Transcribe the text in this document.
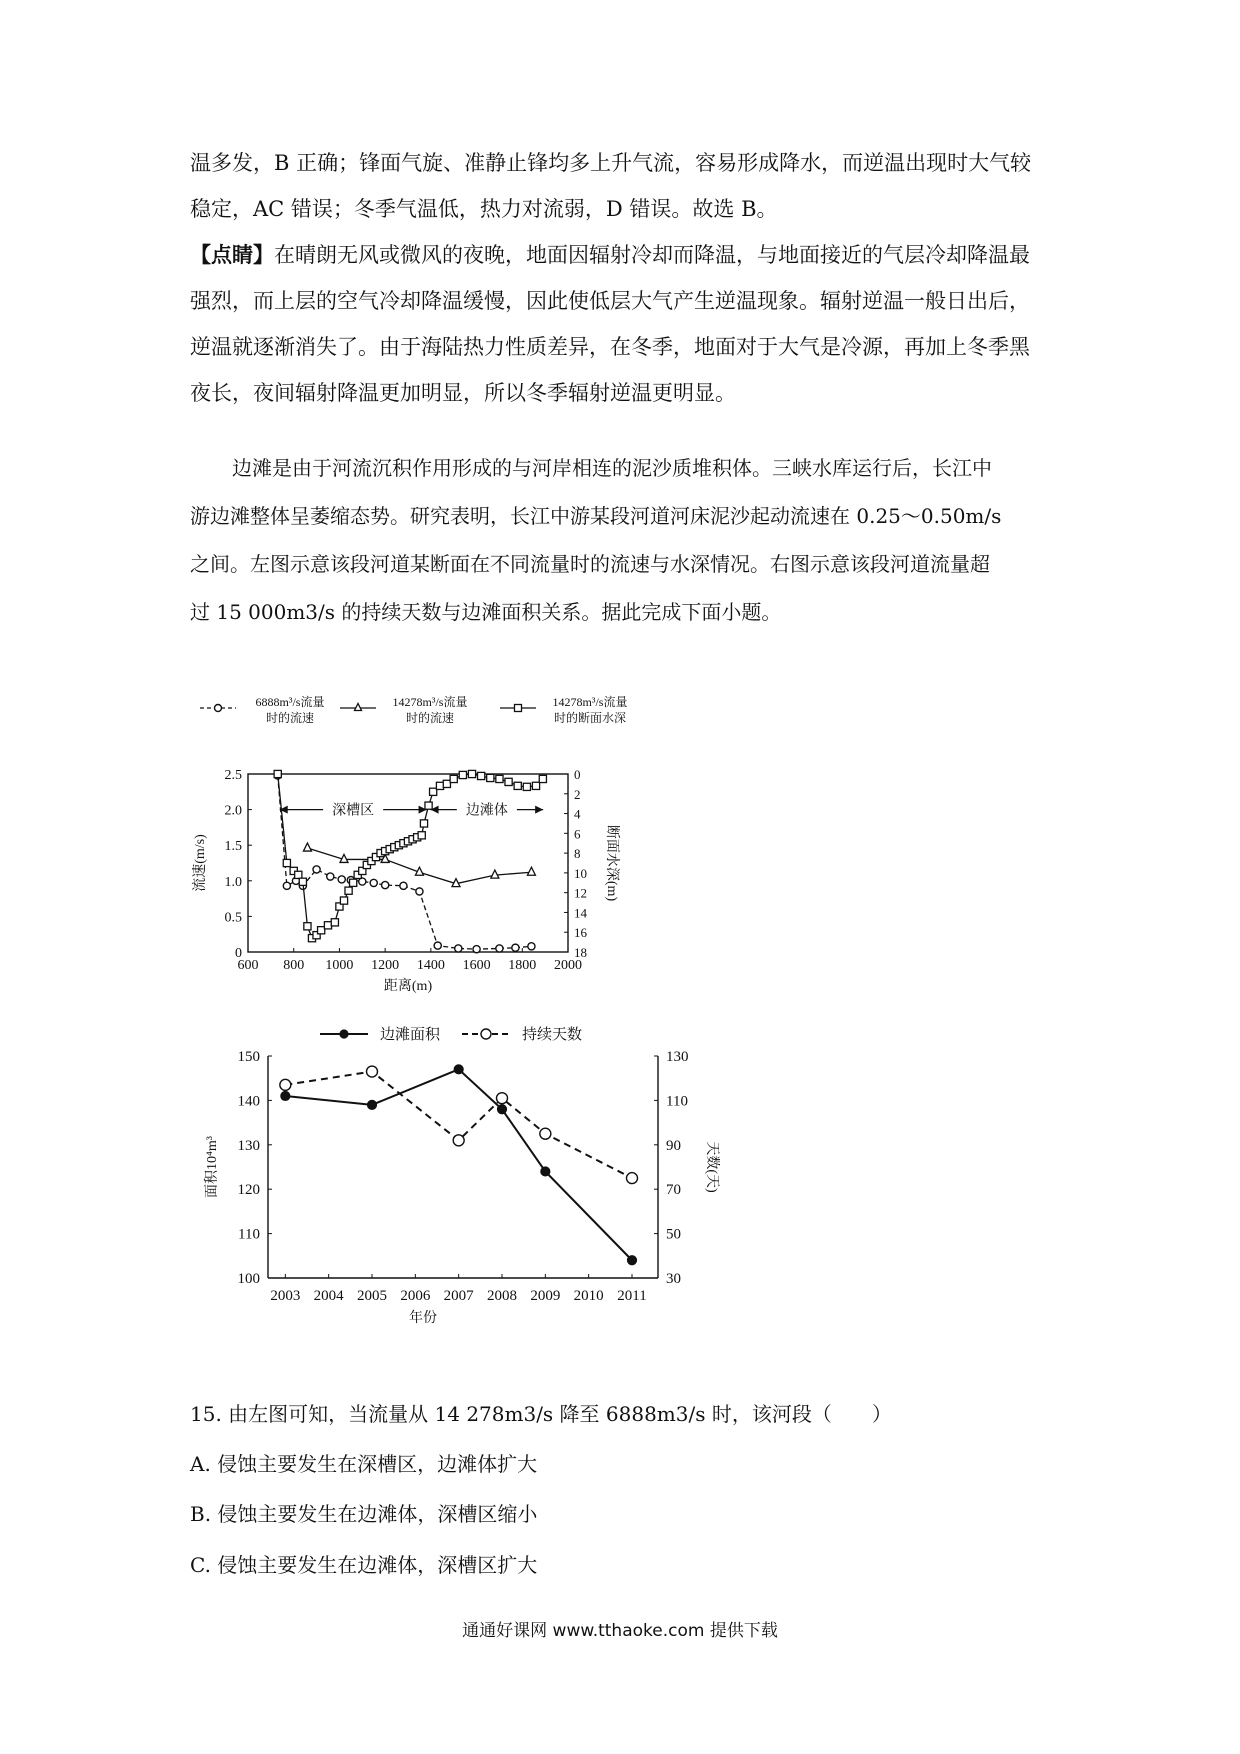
温多发，B 正确；锋面气旋、准静止锋均多上升气流，容易形成降水，而逆温出现时大气较
稳定，AC 错误；冬季气温低，热力对流弱，D 错误。故选 B。
【点睛】在晴朗无风或微风的夜晚，地面因辐射冷却而降温，与地面接近的气层冷却降温最
强烈，而上层的空气冷却降温缓慢，因此使低层大气产生逆温现象。辐射逆温一般日出后，
逆温就逐渐消失了。由于海陆热力性质差异，在冬季，地面对于大气是冷源，再加上冬季黑
夜长，夜间辐射降温更加明显，所以冬季辐射逆温更明显。
边滩是由于河流沉积作用形成的与河岸相连的泥沙质堆积体。三峡水库运行后，长江中
游边滩整体呈萎缩态势。研究表明，长江中游某段河道河床泥沙起动流速在 0.25～0.50m/s
之间。左图示意该段河道某断面在不同流量时的流速与水深情况。右图示意该段河道流量超
过 15 000m3/s 的持续天数与边滩面积关系。据此完成下面小题。
6888m³/s流量
时的流速
14278m³/s流量
时的流速
14278m³/s流量
时的断面水深
600 800 1000 1200 1400 1600 1800 2000
0
0.5
1.0
1.5
2.0
2.5	0
2
4
6
8
10
12
14
16
18
距离(m)
流速(m/s)	断面水深(m)
深槽区	边滩体
边滩面积	持续天数
2003 2004 2005 2006 2007 2008 2009 2010 2011
100
110
120
130
140
150
30
50
70
90
110
130
年份
面积10⁴m³	天数(天)
15. 由左图可知，当流量从 14 278m3/s 降至 6888m3/s 时，该河段（　　）
A. 侵蚀主要发生在深槽区，边滩体扩大
B. 侵蚀主要发生在边滩体，深槽区缩小
C. 侵蚀主要发生在边滩体，深槽区扩大
通通好课网 www.tthaoke.com 提供下载
